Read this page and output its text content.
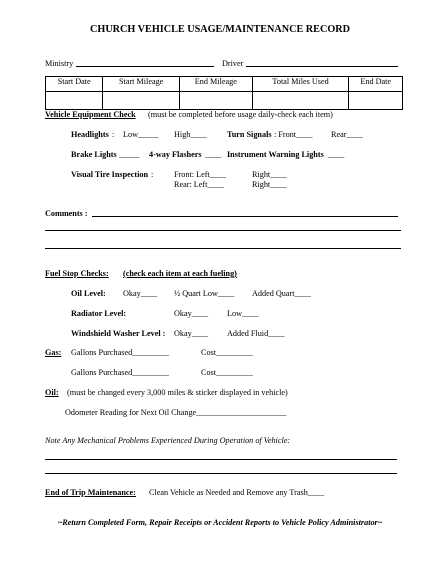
CHURCH VEHICLE USAGE/MAINTENANCE RECORD
Ministry	Driver
Start Date	Start Mileage	End Mileage	Total Miles Used	End Date

Vehicle Equipment Check (must be completed before usage daily-check each item)
Headlights : Low_____ High____ Turn Signals : Front____ Rear____
Brake Lights _____ 4-way Flashers ____ Instrument Warning Lights ____
Visual Tire Inspection :	Front: Left____	Right____
Rear: Left____	Right____
Comments :
Fuel Stop Checks: (check each item at each fueling)
Oil Level: Okay____ ½ Quart Low____ Added Quart____
Radiator Level:	Okay____ Low____
Windshield Washer Level : Okay____ Added Fluid____
Gas: Gallons Purchased_________	Cost_________
Gallons Purchased_________	Cost_________
Oil: (must be changed every 3,000 miles & sticker displayed in vehicle)
Odometer Reading for Next Oil Change______________________
Note Any Mechanical Problems Experienced During Operation of Vehicle:
End of Trip Maintenance: Clean Vehicle as Needed and Remove any Trash____
~Return Completed Form, Repair Receipts or Accident Reports to Vehicle Policy Administrator~
